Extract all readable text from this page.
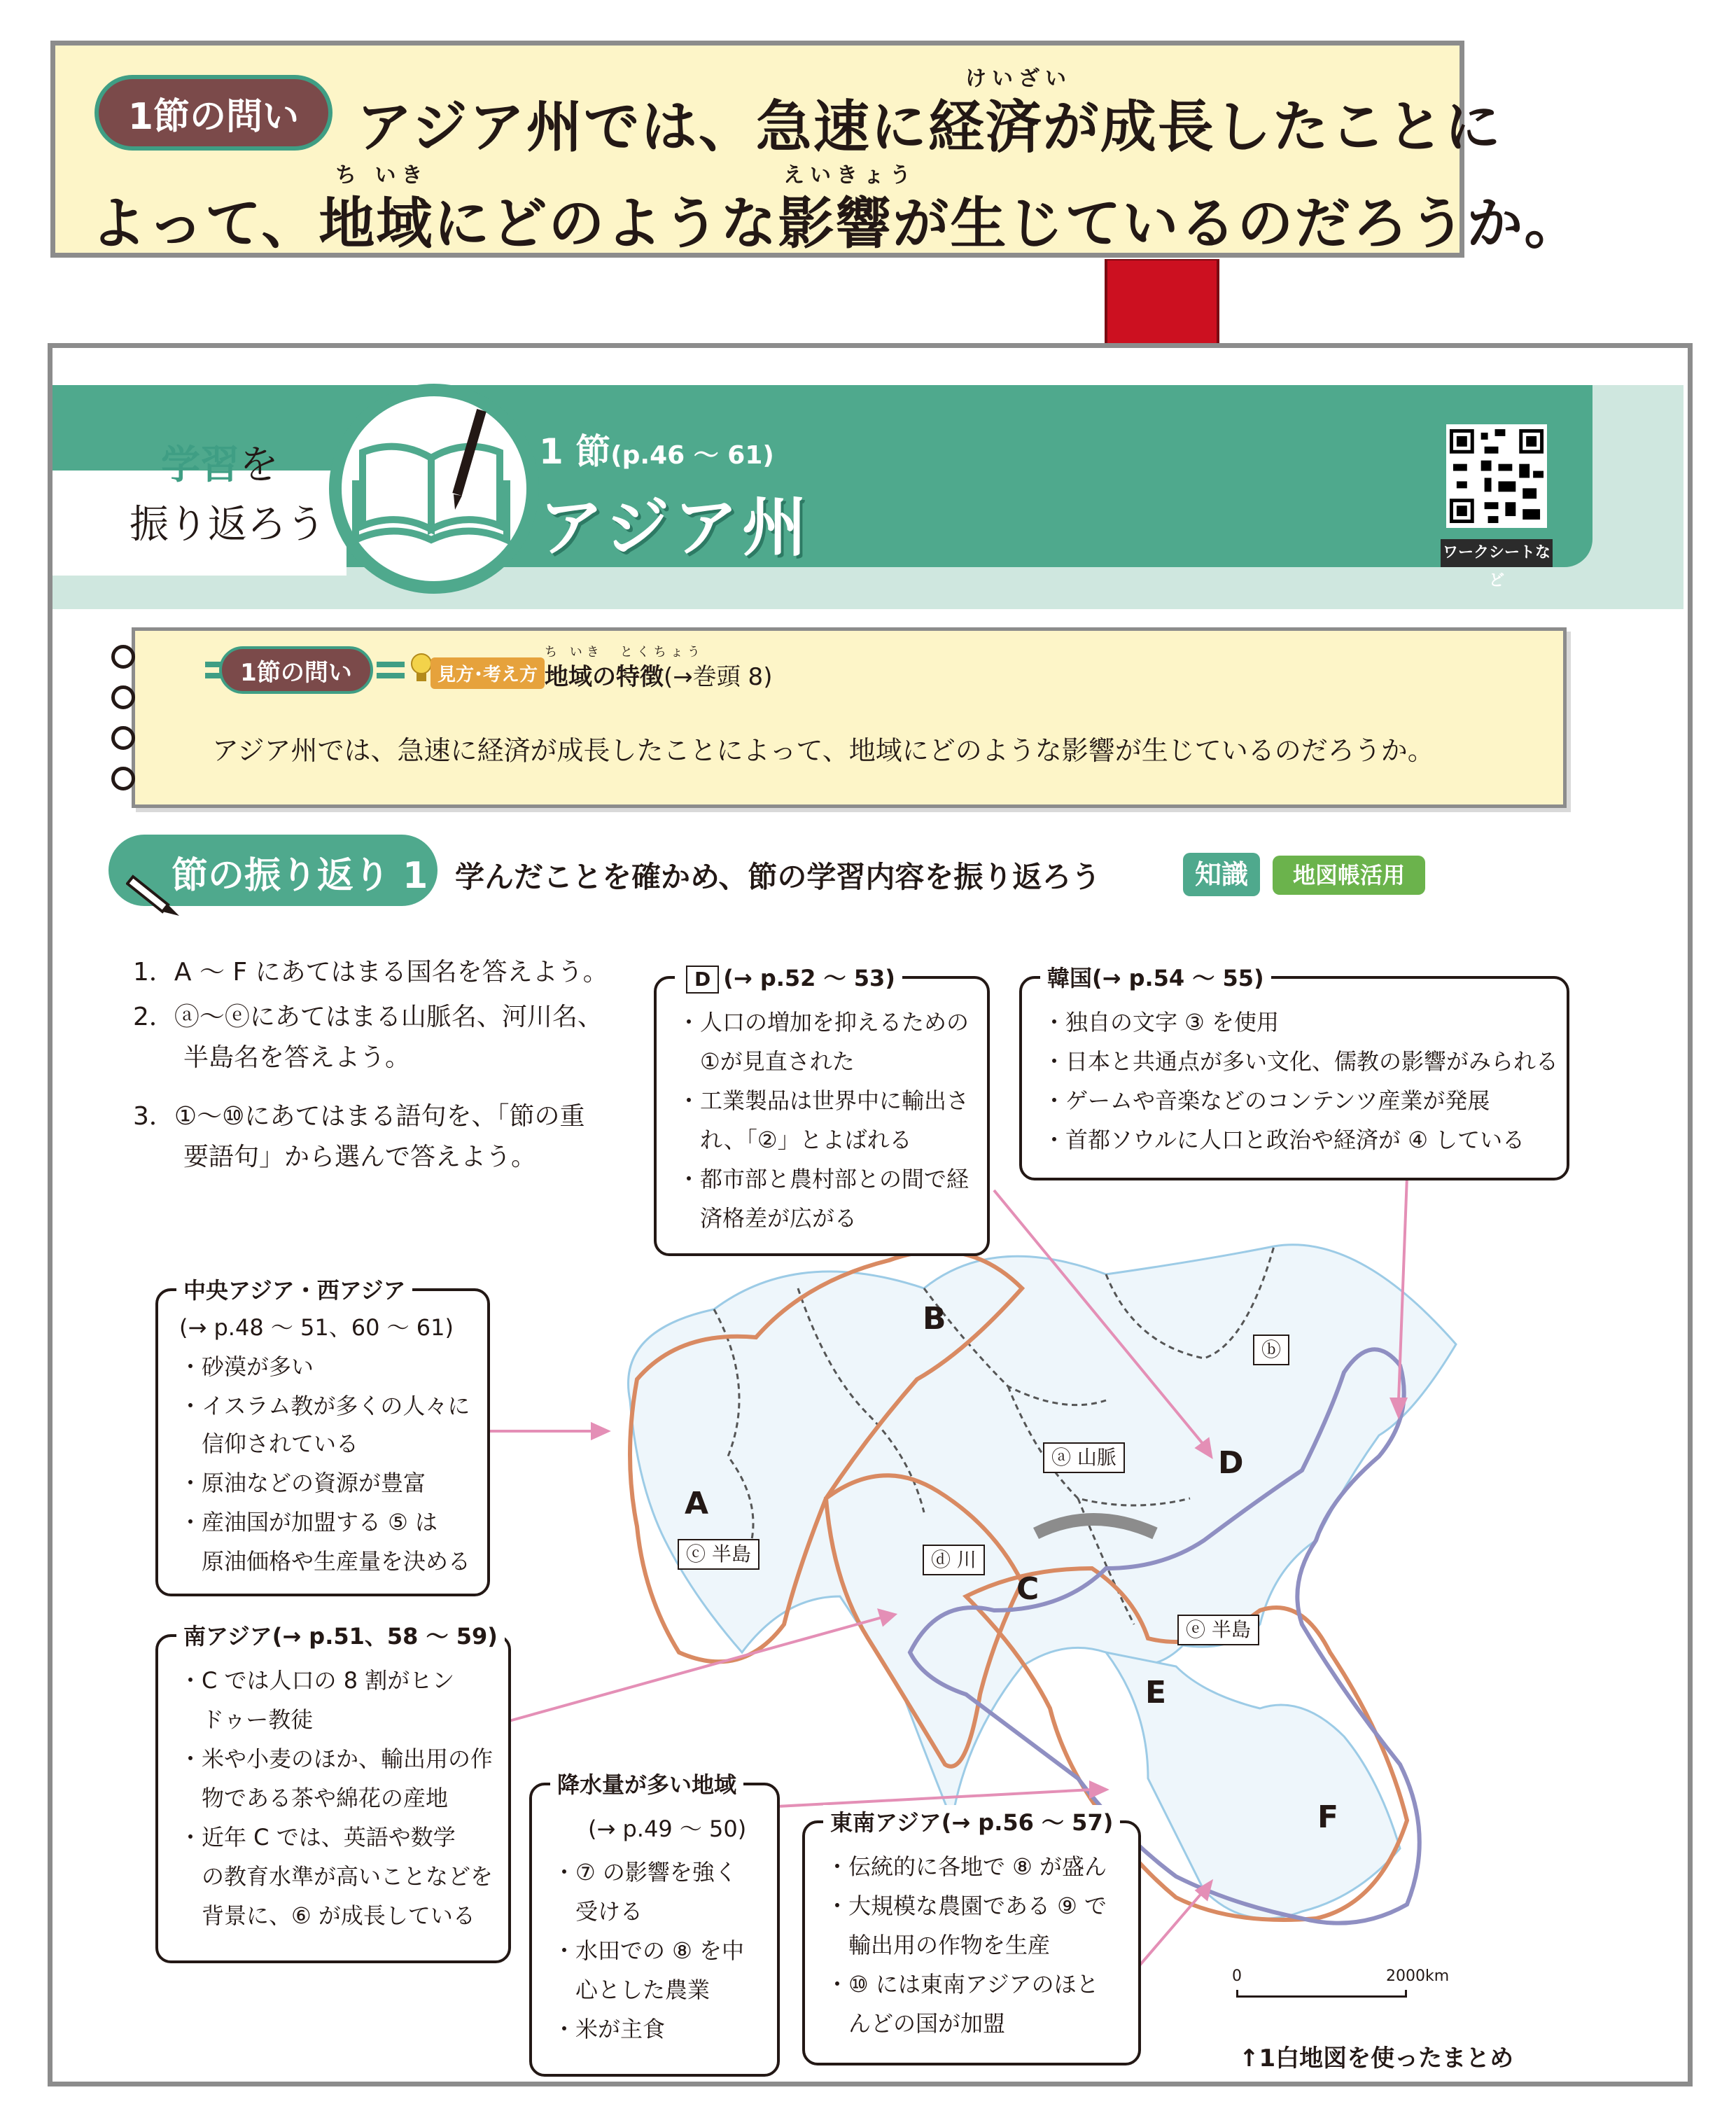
1節の問い
けいざい
アジア州では、急速に経済が成長したことに
ち いき	えいきょう
よって、地域にどのような影響が生じているのだろうか。
学習を
振り返ろう
1 節(p.46 ～ 61)
アジア州	ワークシートなど
1節の問い	見方･考え方
ち いき　 とくちょう
地域の特徴(→巻頭 8)
アジア州では、急速に経済が成長したことによって、地域にどのような影響が生じているのだろうか。
節の振り返り 1 学んだことを確かめ、節の学習内容を振り返ろう	知識	地図帳活用
1．A ～ F にあてはまる国名を答えよう。
2．ⓐ～ⓔにあてはまる山脈名、河川名、
　　半島名を答えよう。
3．①～⑩にあてはまる語句を、「節の重
　　要語句」から選んで答えよう。
B
A
C
D
E
F
ⓐ 山脈
ⓑ
ⓒ 半島	ⓓ 川
ⓔ 半島
0	2000km
↑1白地図を使ったまとめ
D (→ p.52 ～ 53)
・人口の増加を抑えるための
　①が見直された
・工業製品は世界中に輸出さ
　れ、「②」とよばれる
・都市部と農村部との間で経
　済格差が広がる
韓国(→ p.54 ～ 55)
・独自の文字 ③ を使用
・日本と共通点が多い文化、儒教の影響がみられる
・ゲームや音楽などのコンテンツ産業が発展
・首都ソウルに人口と政治や経済が ④ している
中央アジア・西アジア
(→ p.48 ～ 51、60 ～ 61)
・砂漠が多い
・イスラム教が多くの人々に
　信仰されている
・原油などの資源が豊富
・産油国が加盟する ⑤ は
　原油価格や生産量を決める
南アジア(→ p.51、58 ～ 59)
・C では人口の 8 割がヒン
　ドゥー教徒
・米や小麦のほか、輸出用の作
　物である茶や綿花の産地
・近年 C では、英語や数学
　の教育水準が高いことなどを
　背景に、⑥ が成長している
降水量が多い地域
(→ p.49 ～ 50)
・⑦ の影響を強く
　受ける
・水田での ⑧ を中
　心とした農業
・米が主食
東南アジア(→ p.56 ～ 57)
・伝統的に各地で ⑧ が盛ん
・大規模な農園である ⑨ で
　輸出用の作物を生産
・⑩ には東南アジアのほと
　んどの国が加盟
